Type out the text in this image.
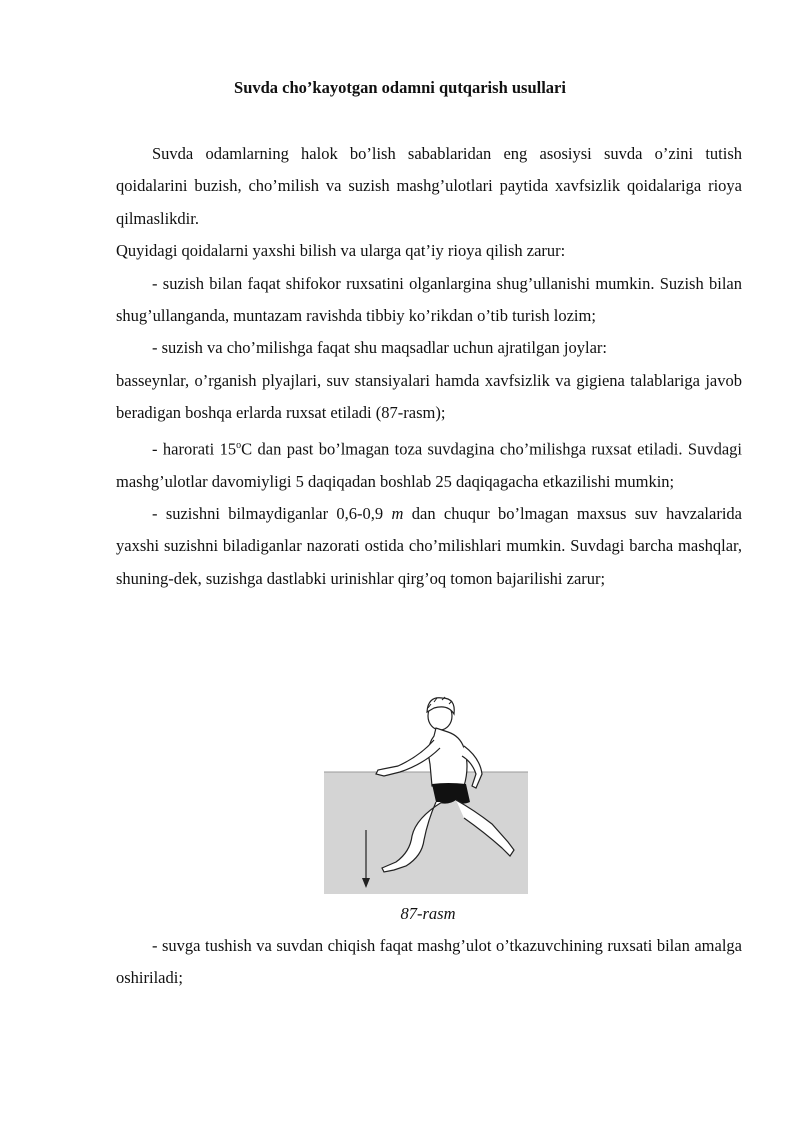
Suvda cho’kayotgan odamni qutqarish usullari

Suvda odamlarning halok bo’lish sabablaridan eng asosiysi suvda o’zini tutish qoidalarini buzish, cho’milish va suzish mashg’ulotlari paytida xavfsizlik qoidalariga rioya qilmaslikdir.

Quyidagi qoidalarni yaxshi bilish va ularga qat’iy rioya qilish zarur:

- suzish bilan faqat shifokor ruxsatini olganlargina shug’ullanishi mumkin. Suzish bilan shug’ullanganda, muntazam ravishda tibbiy ko’rikdan o’tib turish lozim;

- suzish va cho’milishga faqat shu maqsadlar uchun ajratilgan joylar:

basseynlar, o’rganish plyajlari, suv stansiyalari hamda xavfsizlik va gigiena talablariga javob beradigan boshqa erlarda ruxsat etiladi (87-rasm);

- harorati 15$^o$C dan past bo’lmagan toza suvdagina cho’milishga ruxsat etiladi. Suvdagi mashg’ulotlar davomiyligi 5 daqiqadan boshlab 25 daqiqagacha etkazilishi mumkin;

- suzishni bilmaydiganlar 0,6-0,9 m dan chuqur bo’lmagan maxsus suv havzalarida yaxshi suzishni biladiganlar nazorati ostida cho’milishlari mumkin. Suvdagi barcha mashqlar, shuning-dek, suzishga dastlabki urinishlar qirg’oq tomon bajarilishi zarur;

87-rasm

- suvga tushish va suvdan chiqish faqat mashg’ulot o’tkazuvchining ruxsati bilan amalga oshiriladi;
